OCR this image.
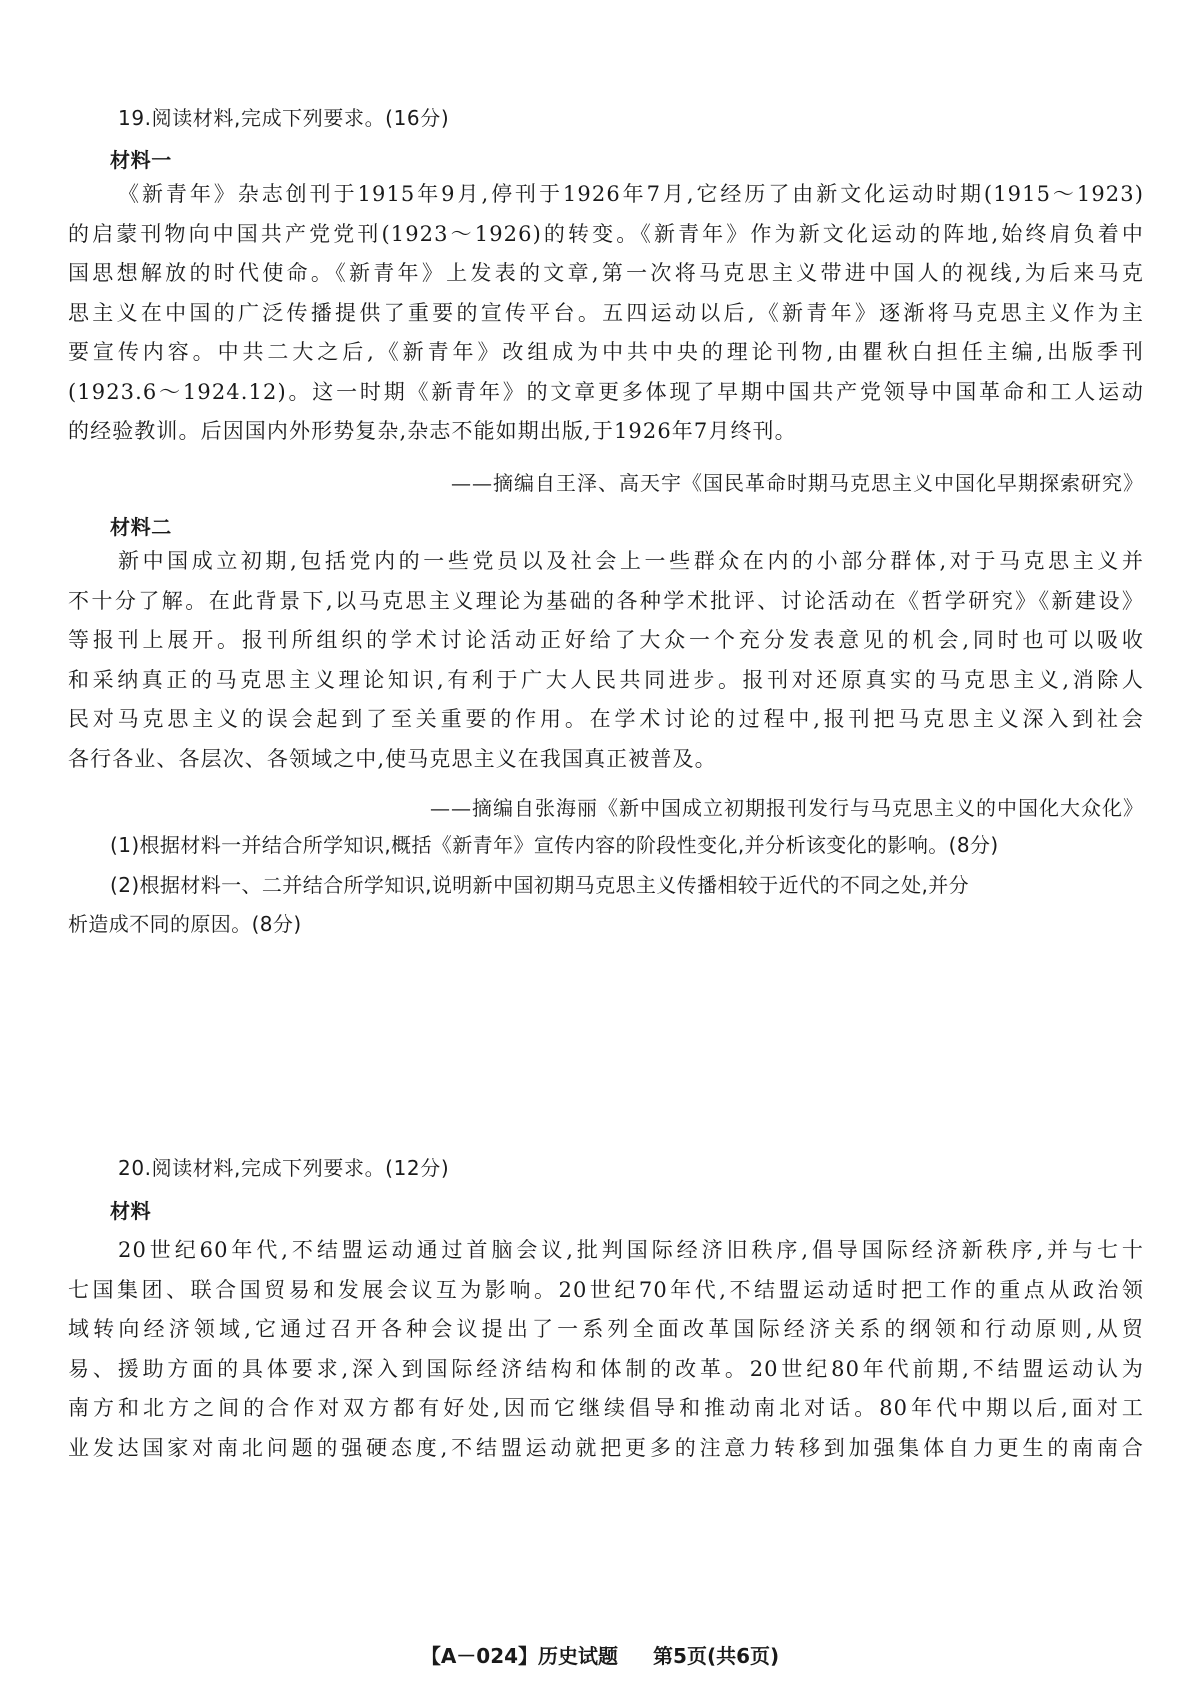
19.阅读材料,完成下列要求。(16分)
材料一
《新青年》杂志创刊于1915年9月,停刊于1926年7月,它经历了由新文化运动时期(1915～1923)
的启蒙刊物向中国共产党党刊(1923～1926)的转变。《新青年》作为新文化运动的阵地,始终肩负着中
国思想解放的时代使命。《新青年》上发表的文章,第一次将马克思主义带进中国人的视线,为后来马克
思主义在中国的广泛传播提供了重要的宣传平台。五四运动以后,《新青年》逐渐将马克思主义作为主
要宣传内容。中共二大之后,《新青年》改组成为中共中央的理论刊物,由瞿秋白担任主编,出版季刊
(1923.6～1924.12)。这一时期《新青年》的文章更多体现了早期中国共产党领导中国革命和工人运动
的经验教训。后因国内外形势复杂,杂志不能如期出版,于1926年7月终刊。
——摘编自王泽、高天宇《国民革命时期马克思主义中国化早期探索研究》
材料二
新中国成立初期,包括党内的一些党员以及社会上一些群众在内的小部分群体,对于马克思主义并
不十分了解。在此背景下,以马克思主义理论为基础的各种学术批评、讨论活动在《哲学研究》《新建设》
等报刊上展开。报刊所组织的学术讨论活动正好给了大众一个充分发表意见的机会,同时也可以吸收
和采纳真正的马克思主义理论知识,有利于广大人民共同进步。报刊对还原真实的马克思主义,消除人
民对马克思主义的误会起到了至关重要的作用。在学术讨论的过程中,报刊把马克思主义深入到社会
各行各业、各层次、各领域之中,使马克思主义在我国真正被普及。
——摘编自张海丽《新中国成立初期报刊发行与马克思主义的中国化大众化》
(1)根据材料一并结合所学知识,概括《新青年》宣传内容的阶段性变化,并分析该变化的影响。(8分)
(2)根据材料一、二并结合所学知识,说明新中国初期马克思主义传播相较于近代的不同之处,并分
析造成不同的原因。(8分)
20.阅读材料,完成下列要求。(12分)
材料
20世纪60年代,不结盟运动通过首脑会议,批判国际经济旧秩序,倡导国际经济新秩序,并与七十
七国集团、联合国贸易和发展会议互为影响。20世纪70年代,不结盟运动适时把工作的重点从政治领
域转向经济领域,它通过召开各种会议提出了一系列全面改革国际经济关系的纲领和行动原则,从贸
易、援助方面的具体要求,深入到国际经济结构和体制的改革。20世纪80年代前期,不结盟运动认为
南方和北方之间的合作对双方都有好处,因而它继续倡导和推动南北对话。80年代中期以后,面对工
业发达国家对南北问题的强硬态度,不结盟运动就把更多的注意力转移到加强集体自力更生的南南合
【A－024】历史试题 第5页(共6页)
